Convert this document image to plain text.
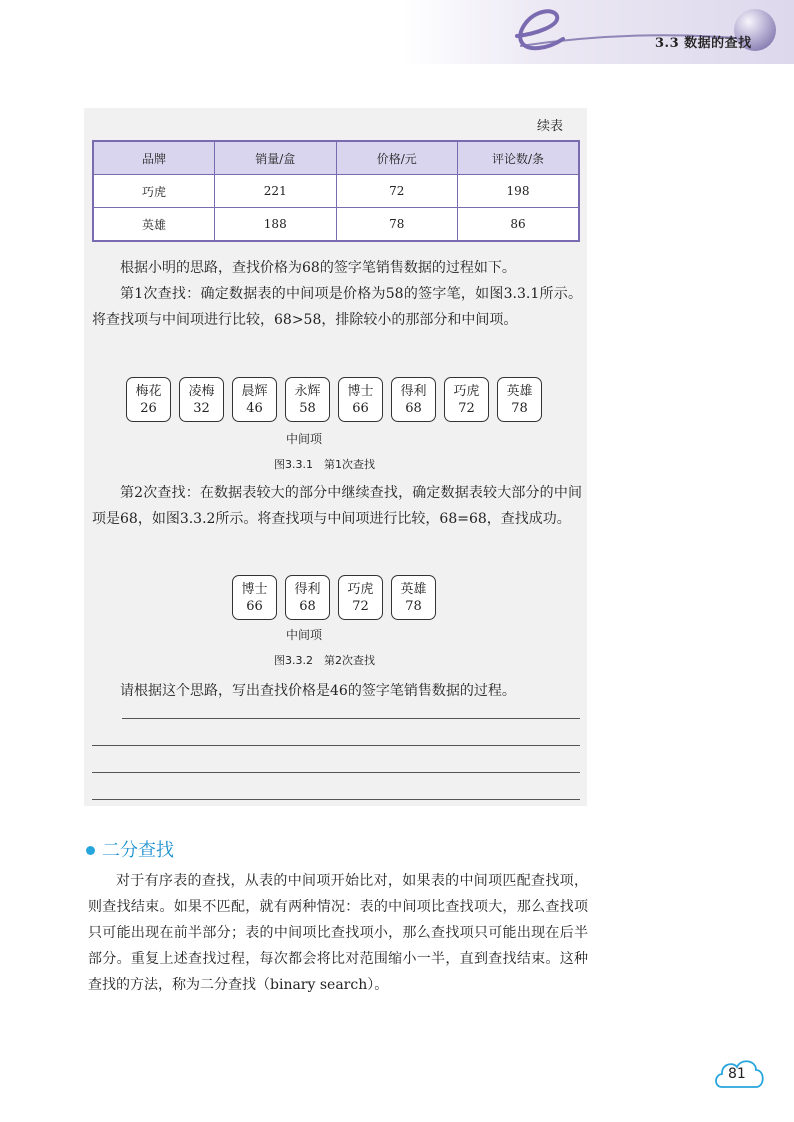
3.3 数据的查找
续表
品牌	销量/盒	价格/元	评论数/条
巧虎	221	72	198
英雄	188	78	86

根据小明的思路，查找价格为68的签字笔销售数据的过程如下。

第1次查找：确定数据表的中间项是价格为58的签字笔，如图3.3.1所示。将查找项与中间项进行比较，68>58，排除较小的那部分和中间项。

梅花
26
凌梅
32
晨辉
46
永辉
58
博士
66
得利
68
巧虎
72
英雄
78
中间项
图3.3.1　第1次查找

第2次查找：在数据表较大的部分中继续查找，确定数据表较大部分的中间项是68，如图3.3.2所示。将查找项与中间项进行比较，68=68，查找成功。

博士
66
得利
68
巧虎
72
英雄
78
中间项
图3.3.2　第2次查找

请根据这个思路，写出查找价格是46的签字笔销售数据的过程。

二分查找

对于有序表的查找，从表的中间项开始比对，如果表的中间项匹配查找项，则查找结束。如果不匹配，就有两种情况：表的中间项比查找项大，那么查找项只可能出现在前半部分；表的中间项比查找项小，那么查找项只可能出现在后半部分。重复上述查找过程，每次都会将比对范围缩小一半，直到查找结束。这种查找的方法，称为二分查找（binary search）。

81
